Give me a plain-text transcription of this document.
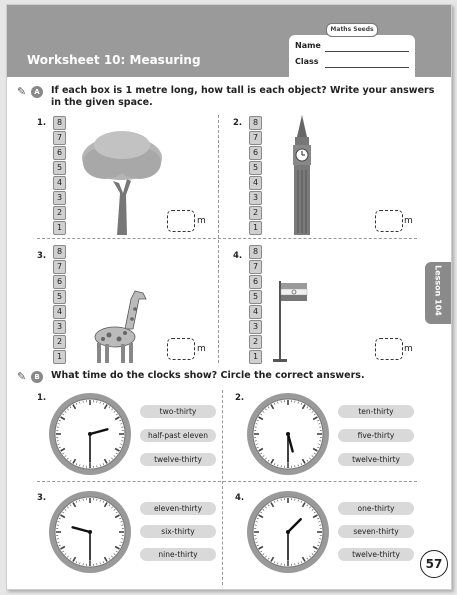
Worksheet 10: Measuring
Name
Class
Maths Seeds
✎	A	If each box is 1 metre long, how tall is each object? Write your answers
in the given space.
1.	8
7
6
5
4
3
2
1
m
2.	8
7
6
5
4
3
2
1
m
3.	8
7
6
5
4
3
2
1
m
4.	8
7
6
5
4
3
2
1
m
✎	B	What time do the clocks show? Circle the correct answers.
1.
two-thirty
half-past eleven
twelve-thirty
2.
ten-thirty
five-thirty
twelve-thirty
3.
eleven-thirty
six-thirty
nine-thirty
4.
one-thirty
seven-thirty
twelve-thirty
57
Lesson 104
